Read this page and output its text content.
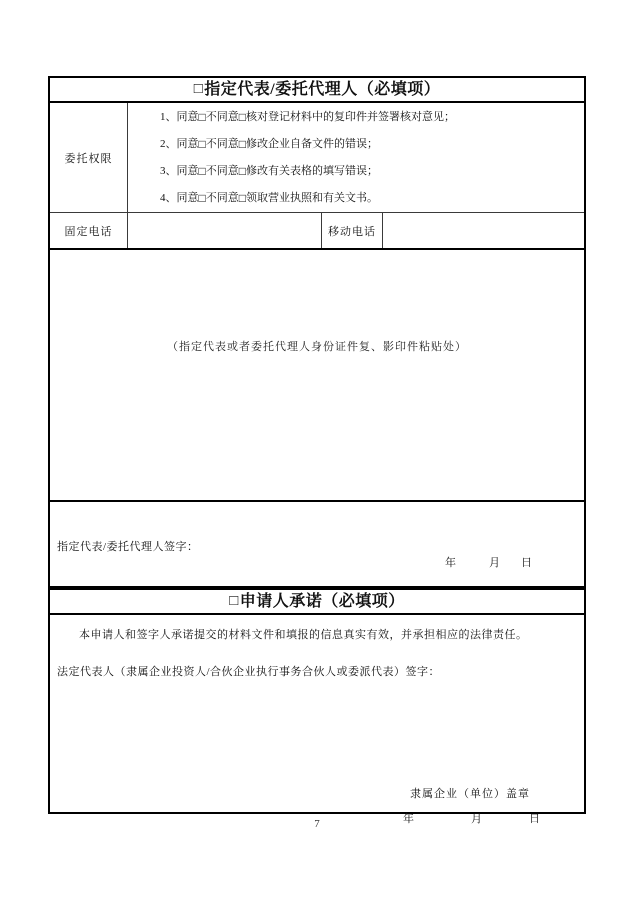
□ 指定代表/委托代理人（必填项）
委托权限
1、同意□不同意□核对登记材料中的复印件并签署核对意见；
2、同意□不同意□修改企业自备文件的错误；
3、同意□不同意□修改有关表格的填写错误；
4、同意□不同意□领取营业执照和有关文书。
固定电话	移动电话
（指定代表或者委托代理人身份证件复、影印件粘贴处）
指定代表/委托代理人签字：
年	月 日
□ 申请人承诺（必填项）
本申请人和签字人承诺提交的材料文件和填报的信息真实有效，并承担相应的法律责任。
法定代表人（隶属企业投资人/合伙企业执行事务合伙人或委派代表）签字：
隶属企业（单位）盖章
年	月	日
7
